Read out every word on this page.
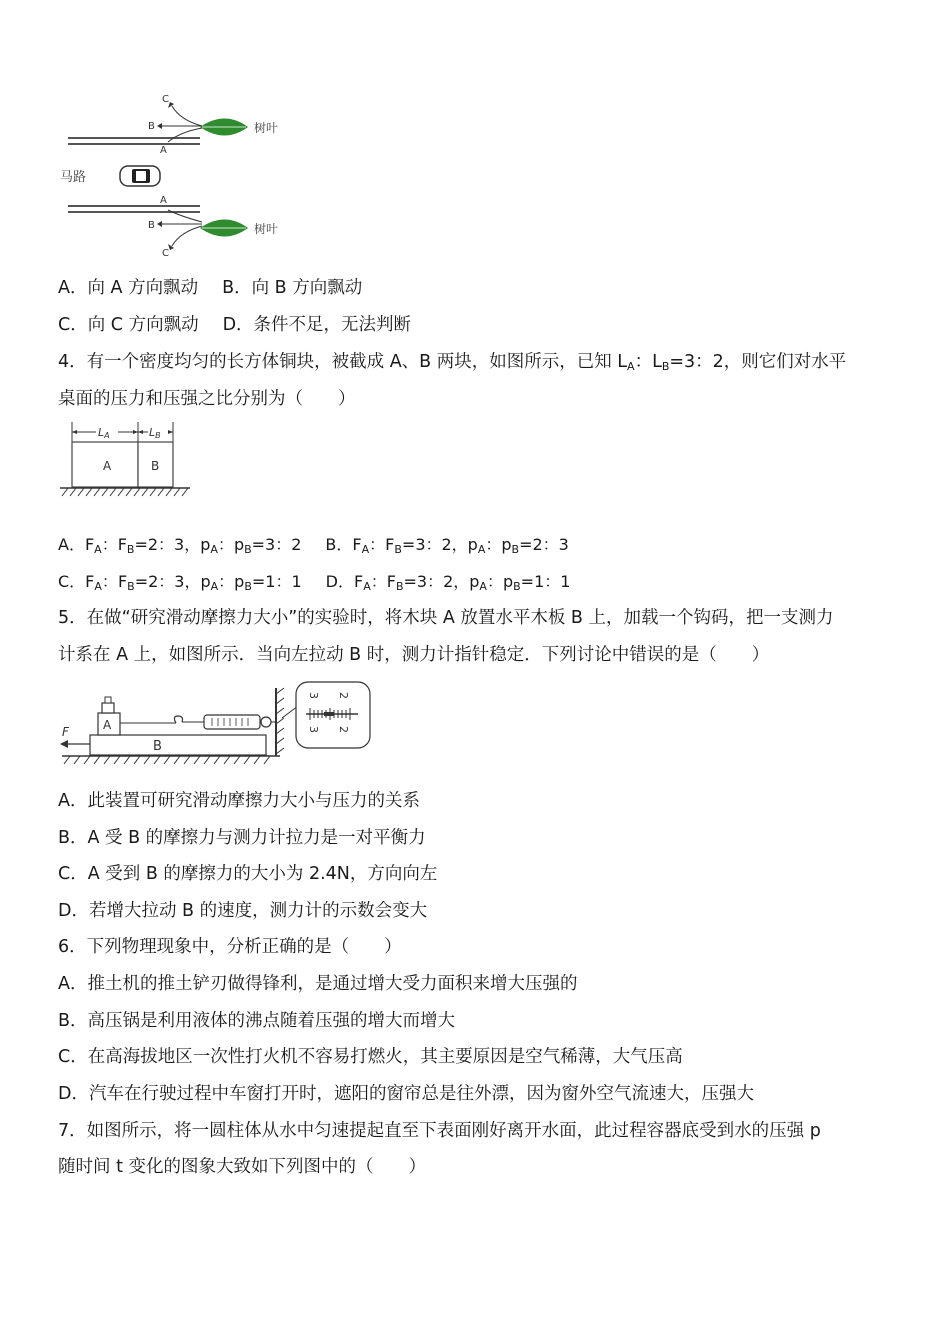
马路
C
B
A
A
B
C
树叶
树叶
A．向 A 方向飘动 B．向 B 方向飘动
C．向 C 方向飘动 D．条件不足，无法判断
4．有一个密度均匀的长方体铜块，被截成 A、B 两块，如图所示，已知 $L_A$：$L_B=3$：2，则它们对水平
桌面的压力和压强之比分别为（　　）
LA	LB
A	B
A．$F_A$：$F_B=2$：3，$p_A$：$p_B=3$：2 B．$F_A$：$F_B=3$：2，$p_A$：$p_B=2$：3
C．$F_A$：$F_B=2$：3，$p_A$：$p_B=1$：1 D．$F_A$：$F_B=3$：2，$p_A$：$p_B=1$：1
5．在做“研究滑动摩擦力大小”的实验时，将木块 A 放置水平木板 B 上，加载一个钩码，把一支测力
计系在 A 上，如图所示．当向左拉动 B 时，测力计指针稳定．下列讨论中错误的是（　　）
B
F	A
3 2
3 2
A．此装置可研究滑动摩擦力大小与压力的关系
B．A 受 B 的摩擦力与测力计拉力是一对平衡力
C．A 受到 B 的摩擦力的大小为 2.4N，方向向左
D．若增大拉动 B 的速度，测力计的示数会变大
6．下列物理现象中，分析正确的是（　　）
A．推土机的推土铲刃做得锋利，是通过增大受力面积来增大压强的
B．高压锅是利用液体的沸点随着压强的增大而增大
C．在高海拔地区一次性打火机不容易打燃火，其主要原因是空气稀薄，大气压高
D．汽车在行驶过程中车窗打开时，遮阳的窗帘总是往外漂，因为窗外空气流速大，压强大
7．如图所示，将一圆柱体从水中匀速提起直至下表面刚好离开水面，此过程容器底受到水的压强 p
随时间 t 变化的图象大致如下列图中的（　　）
